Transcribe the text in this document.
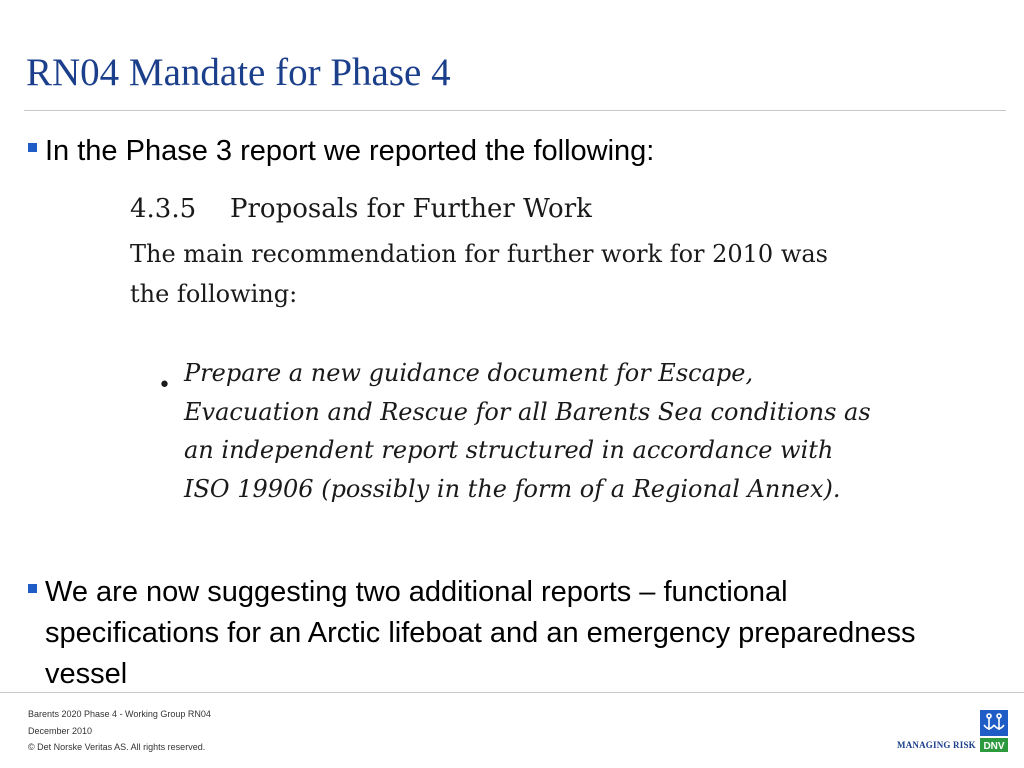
RN04 Mandate for Phase 4
In the Phase 3 report we reported the following:
4.3.5 Proposals for Further Work
The main recommendation for further work for 2010 was the following:
• Prepare a new guidance document for Escape, Evacuation and Rescue for all Barents Sea conditions as an independent report structured in accordance with ISO 19906 (possibly in the form of a Regional Annex).
We are now suggesting two additional reports – functional specifications for an Arctic lifeboat and an emergency preparedness vessel
Barents 2020 Phase 4 - Working Group RN04
December 2010
© Det Norske Veritas AS. All rights reserved.	MANAGING RISK DNV
